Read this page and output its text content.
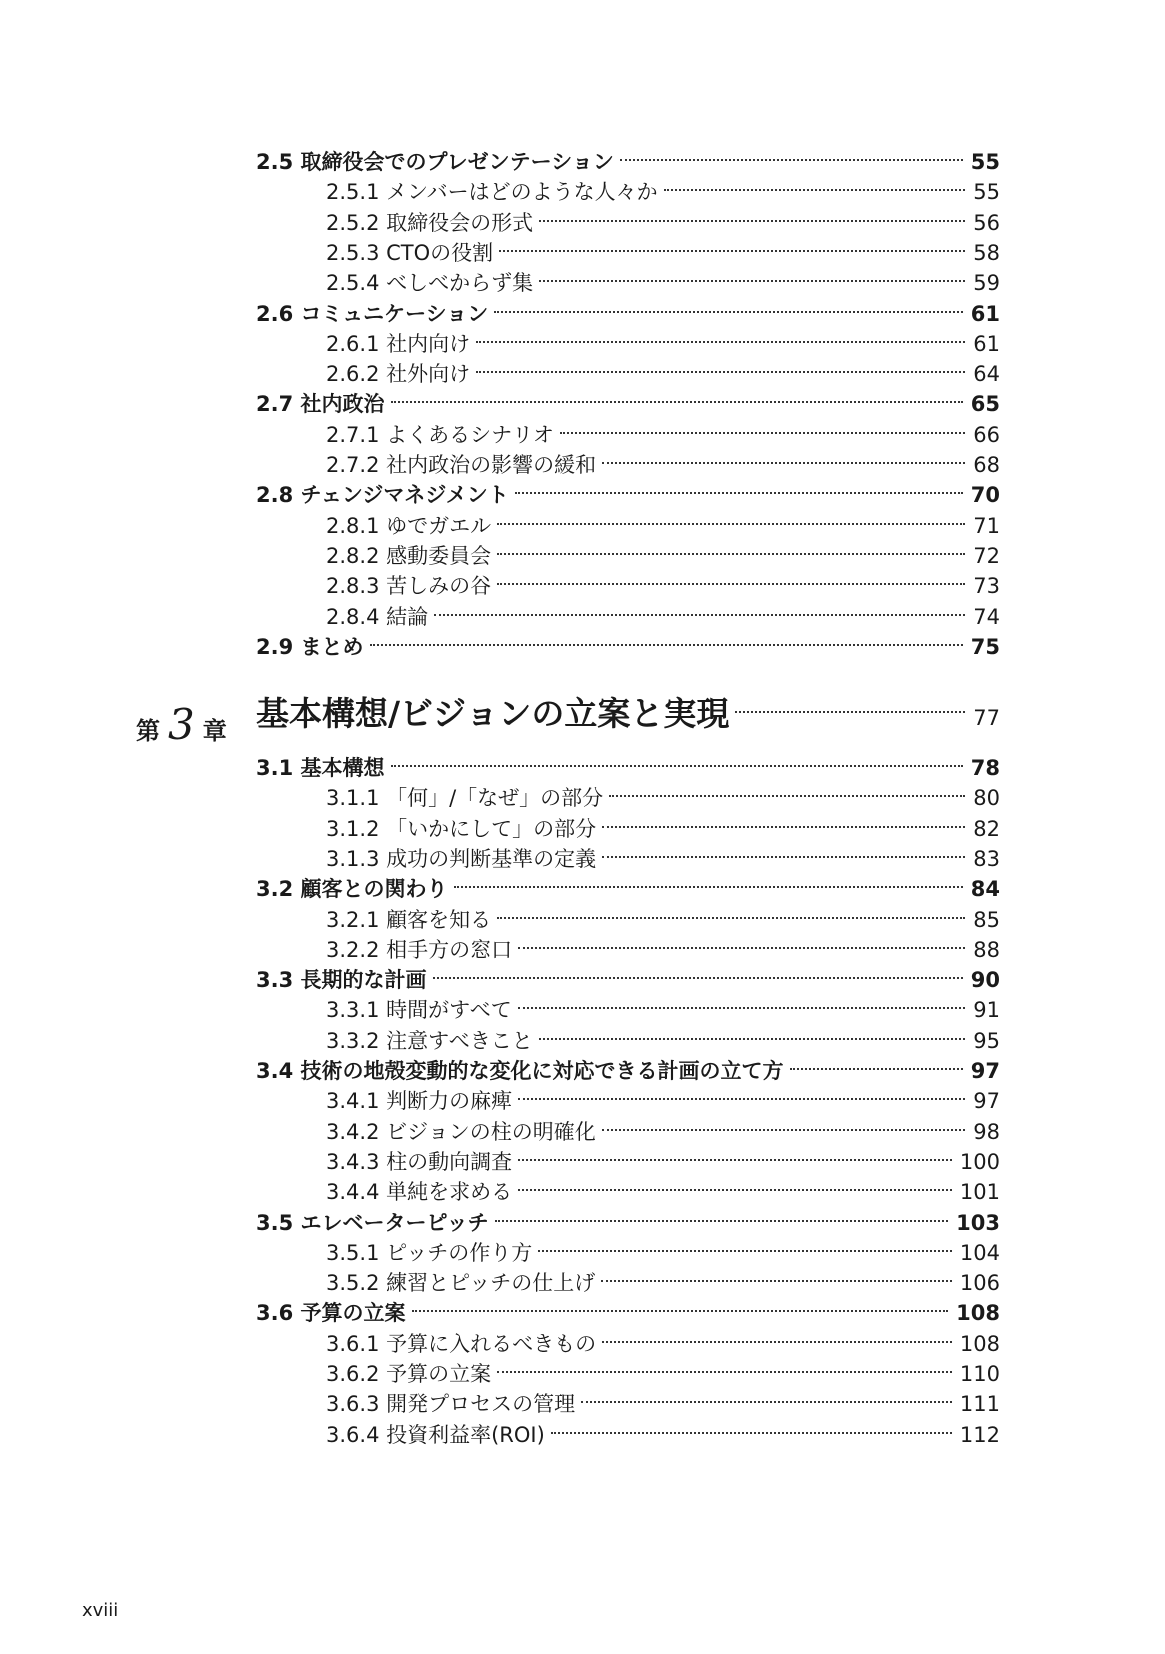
2.5 取締役会でのプレゼンテーション	55
2.5.1 メンバーはどのような人々か	55
2.5.2 取締役会の形式	56
2.5.3 CTOの役割	58
2.5.4 べしべからず集	59
2.6 コミュニケーション	61
2.6.1 社内向け	61
2.6.2 社外向け	64
2.7 社内政治	65
2.7.1 よくあるシナリオ	66
2.7.2 社内政治の影響の緩和	68
2.8 チェンジマネジメント	70
2.8.1 ゆでガエル	71
2.8.2 感動委員会	72
2.8.3 苦しみの谷	73
2.8.4 結論	74
2.9 まとめ	75
第 3 章 基本構想/ビジョンの立案と実現	77
3.1 基本構想	78
3.1.1 「何」/「なぜ」の部分	80
3.1.2 「いかにして」の部分	82
3.1.3 成功の判断基準の定義	83
3.2 顧客との関わり	84
3.2.1 顧客を知る	85
3.2.2 相手方の窓口	88
3.3 長期的な計画	90
3.3.1 時間がすべて	91
3.3.2 注意すべきこと	95
3.4 技術の地殻変動的な変化に対応できる計画の立て方	97
3.4.1 判断力の麻痺	97
3.4.2 ビジョンの柱の明確化	98
3.4.3 柱の動向調査	100
3.4.4 単純を求める	101
3.5 エレベーターピッチ	103
3.5.1 ピッチの作り方	104
3.5.2 練習とピッチの仕上げ	106
3.6 予算の立案	108
3.6.1 予算に入れるべきもの	108
3.6.2 予算の立案	110
3.6.3 開発プロセスの管理	111
3.6.4 投資利益率(ROI)	112
xviii
